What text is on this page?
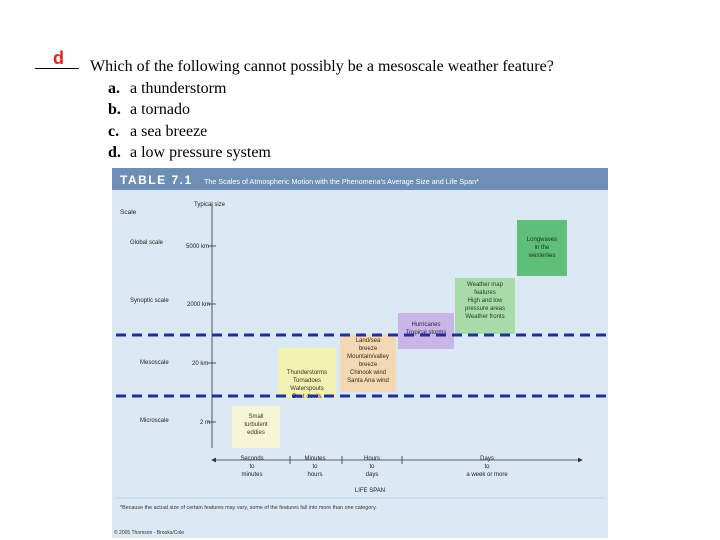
d Which of the following cannot possibly be a mesoscale weather feature?
a. a thunderstorm
b. a tornado
c. a sea breeze
d. a low pressure system
TABLE 7.1 The Scales of Atmospheric Motion with the Phenomena's Average Size and Life Span*
Scale
Typical size
Global scale
5000 km
Synoptic scale
2000 km
Mesoscale	20 km
Microscale	2 m
Longwaves in the westerlies
Weather map features High and low pressure areas Weather fronts
Hurricanes Tropical storms
Land/sea breeze Mountain/valley breeze Chinook wind Santa Ana wind
Thunderstorms Tornadoes Waterspouts Dust devils
Small turbulent eddies
Seconds to minutes
Minutes to hours
Hours to days
Days to a week or more
LIFE SPAN
*Because the actual size of certain features may vary, some of the features fall into more than one category.
© 2005 Thomson - Brooks/Cole
